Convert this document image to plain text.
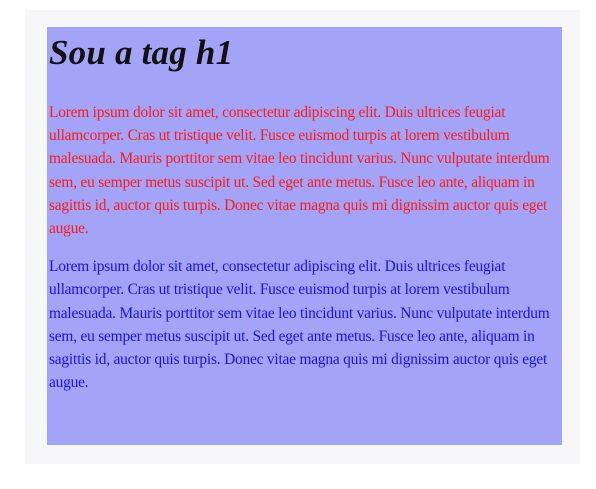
Sou a tag h1

Lorem ipsum dolor sit amet, consectetur adipiscing elit. Duis ultrices feugiat ullamcorper. Cras ut tristique velit. Fusce euismod turpis at lorem vestibulum malesuada. Mauris porttitor sem vitae leo tincidunt varius. Nunc vulputate interdum sem, eu semper metus suscipit ut. Sed eget ante metus. Fusce leo ante, aliquam in sagittis id, auctor quis turpis. Donec vitae magna quis mi dignissim auctor quis eget augue.

Lorem ipsum dolor sit amet, consectetur adipiscing elit. Duis ultrices feugiat ullamcorper. Cras ut tristique velit. Fusce euismod turpis at lorem vestibulum malesuada. Mauris porttitor sem vitae leo tincidunt varius. Nunc vulputate interdum sem, eu semper metus suscipit ut. Sed eget ante metus. Fusce leo ante, aliquam in sagittis id, auctor quis turpis. Donec vitae magna quis mi dignissim auctor quis eget augue.
